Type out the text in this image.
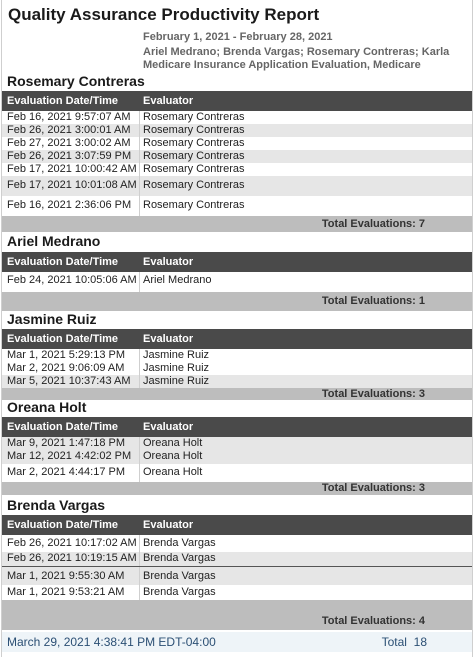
Quality Assurance Productivity Report
February 1, 2021 - February 28, 2021
Ariel Medrano; Brenda Vargas; Rosemary Contreras; Karla
Medicare Insurance Application Evaluation, Medicare
Rosemary Contreras
Evaluation Date/Time Evaluator
Feb 16, 2021 9:57:07 AM Rosemary Contreras
Feb 26, 2021 3:00:01 AM Rosemary Contreras
Feb 27, 2021 3:00:02 AM Rosemary Contreras
Feb 26, 2021 3:07:59 PM Rosemary Contreras
Feb 17, 2021 10:00:42 AM Rosemary Contreras
Feb 17, 2021 10:01:08 AM Rosemary Contreras
Feb 16, 2021 2:36:06 PM Rosemary Contreras
Total Evaluations: 7
Ariel Medrano
Evaluation Date/Time Evaluator
Feb 24, 2021 10:05:06 AM Ariel Medrano
Total Evaluations: 1
Jasmine Ruiz
Evaluation Date/Time Evaluator
Mar 1, 2021 5:29:13 PM Jasmine Ruiz
Mar 2, 2021 9:06:09 AM Jasmine Ruiz
Mar 5, 2021 10:37:43 AM Jasmine Ruiz
Total Evaluations: 3
Oreana Holt
Evaluation Date/Time Evaluator
Mar 9, 2021 1:47:18 PM Oreana Holt
Mar 12, 2021 4:42:02 PM Oreana Holt
Mar 2, 2021 4:44:17 PM Oreana Holt
Total Evaluations: 3
Brenda Vargas
Evaluation Date/Time Evaluator
Feb 26, 2021 10:17:02 AM Brenda Vargas
Feb 26, 2021 10:19:15 AM Brenda Vargas
Mar 1, 2021 9:55:30 AM Brenda Vargas
Mar 1, 2021 9:53:21 AM Brenda Vargas
Total Evaluations: 4
March 29, 2021 4:38:41 PM EDT-04:00	Total  18
